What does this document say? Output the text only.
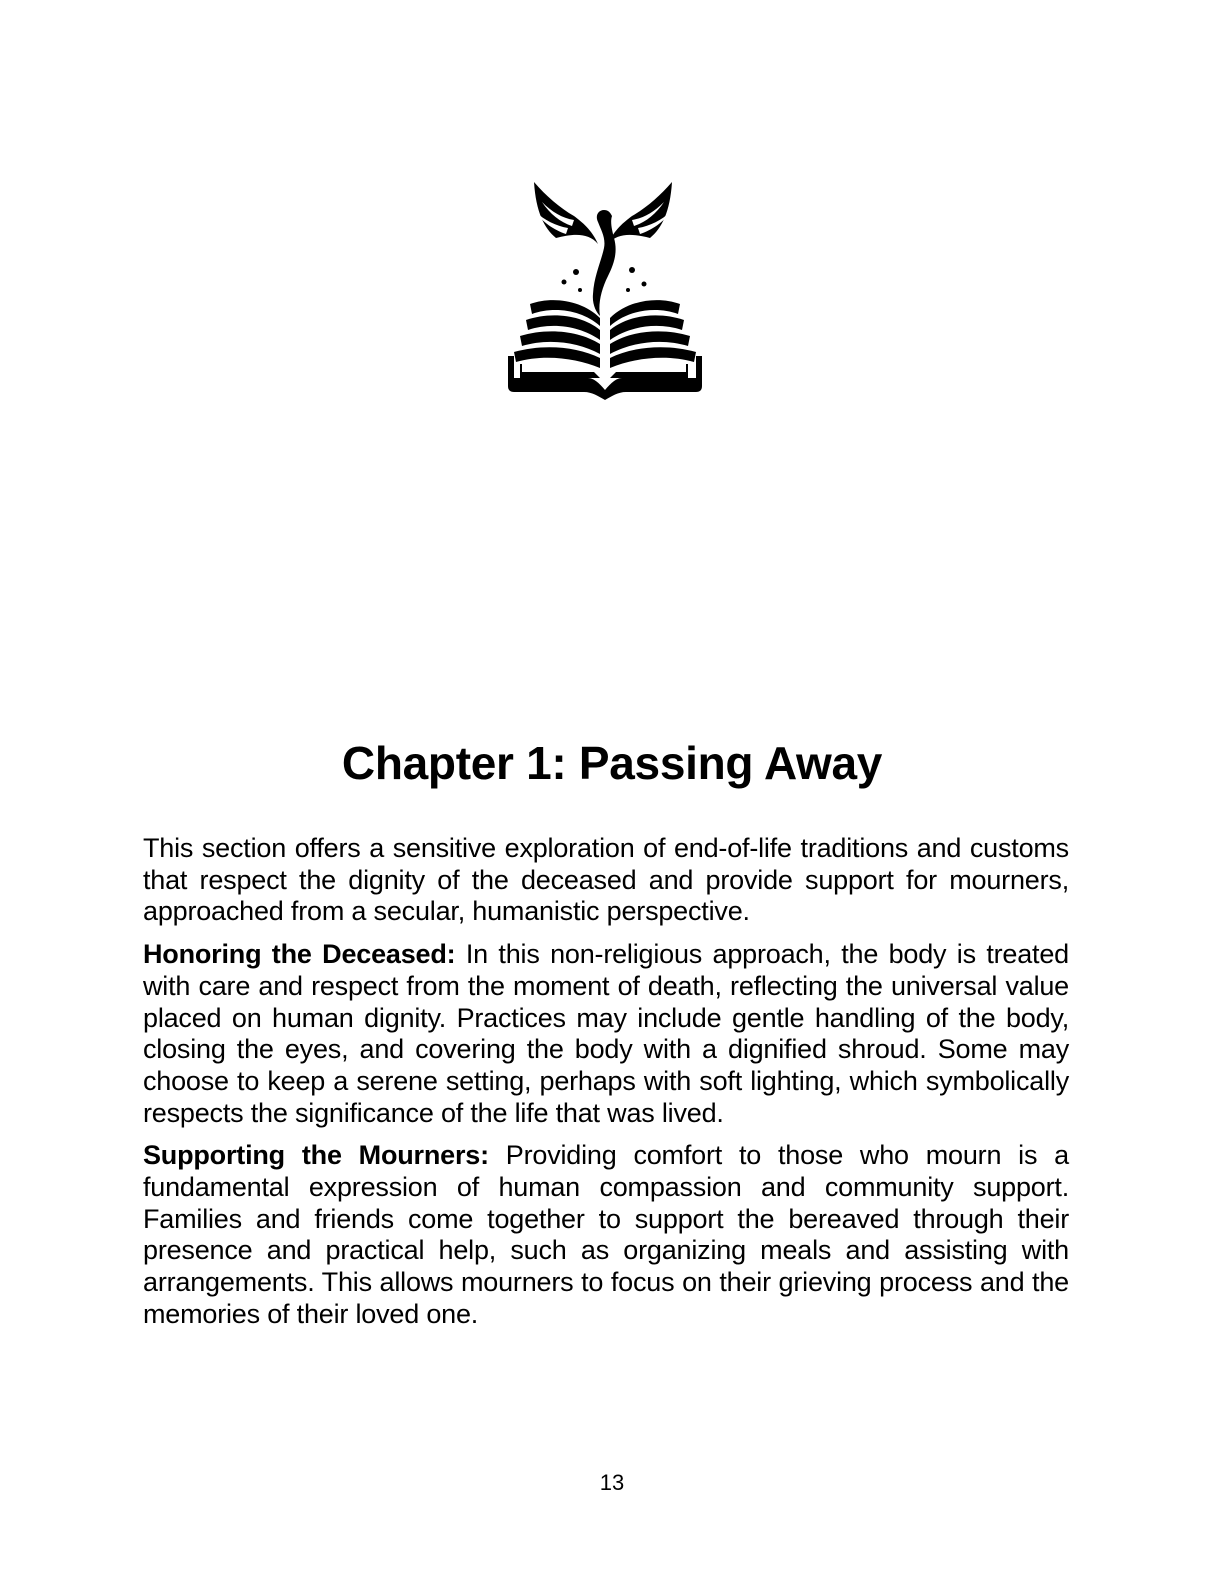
Chapter 1: Passing Away

This section offers a sensitive exploration of end-of-life traditions and customs that respect the dignity of the deceased and provide support for mourners, approached from a secular, humanistic perspective.

Honoring the Deceased: In this non-religious approach, the body is treated with care and respect from the moment of death, reflecting the universal value placed on human dignity. Practices may include gentle handling of the body, closing the eyes, and covering the body with a dignified shroud. Some may choose to keep a serene setting, perhaps with soft lighting, which symbolically respects the significance of the life that was lived.

Supporting the Mourners: Providing comfort to those who mourn is a fundamental expression of human compassion and community support. Families and friends come together to support the bereaved through their presence and practical help, such as organizing meals and assisting with arrangements. This allows mourners to focus on their grieving process and the memories of their loved one.

13
